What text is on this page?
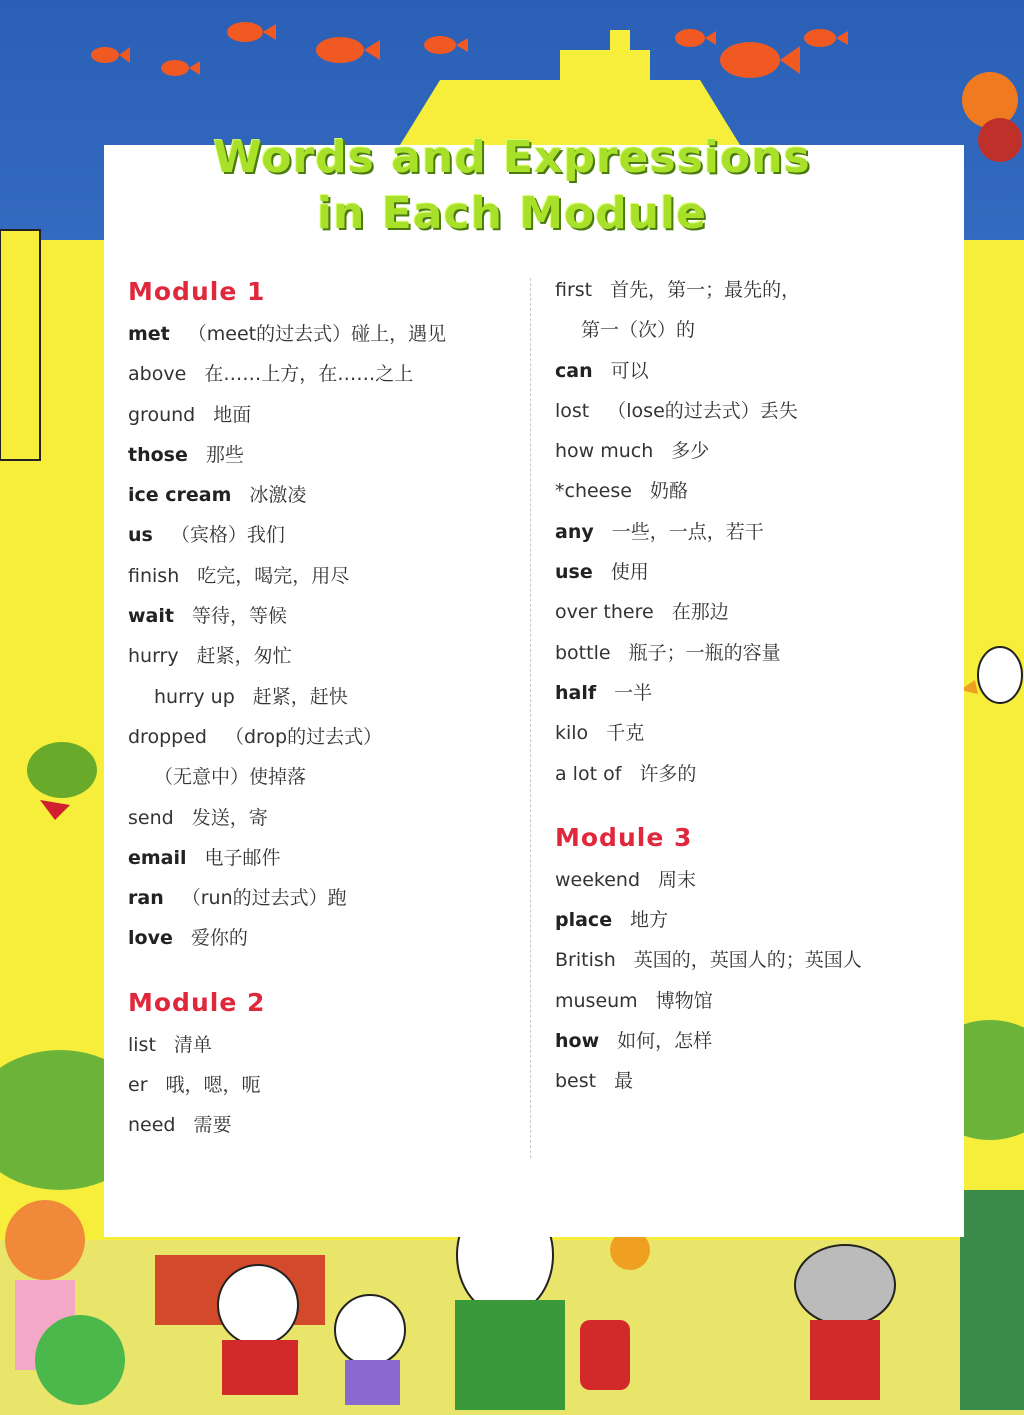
Words and Expressions
in Each Module
Module 1
met （meet的过去式）碰上，遇见
above 在……上方，在……之上
ground 地面
those 那些
ice cream 冰激凌
us （宾格）我们
finish 吃完，喝完，用尽
wait 等待，等候
hurry 赶紧，匆忙
hurry up 赶紧，赶快
dropped （drop的过去式）
（无意中）使掉落
send 发送，寄
email 电子邮件
ran （run的过去式）跑
love 爱你的
Module 2
list 清单
er 哦，嗯，呃
need 需要
first 首先，第一；最先的，
第一（次）的
can 可以
lost （lose的过去式）丢失
how much 多少
*cheese 奶酪
any 一些，一点，若干
use 使用
over there 在那边
bottle 瓶子；一瓶的容量
half 一半
kilo 千克
a lot of 许多的
Module 3
weekend 周末
place 地方
British 英国的，英国人的；英国人
museum 博物馆
how 如何，怎样
best 最
